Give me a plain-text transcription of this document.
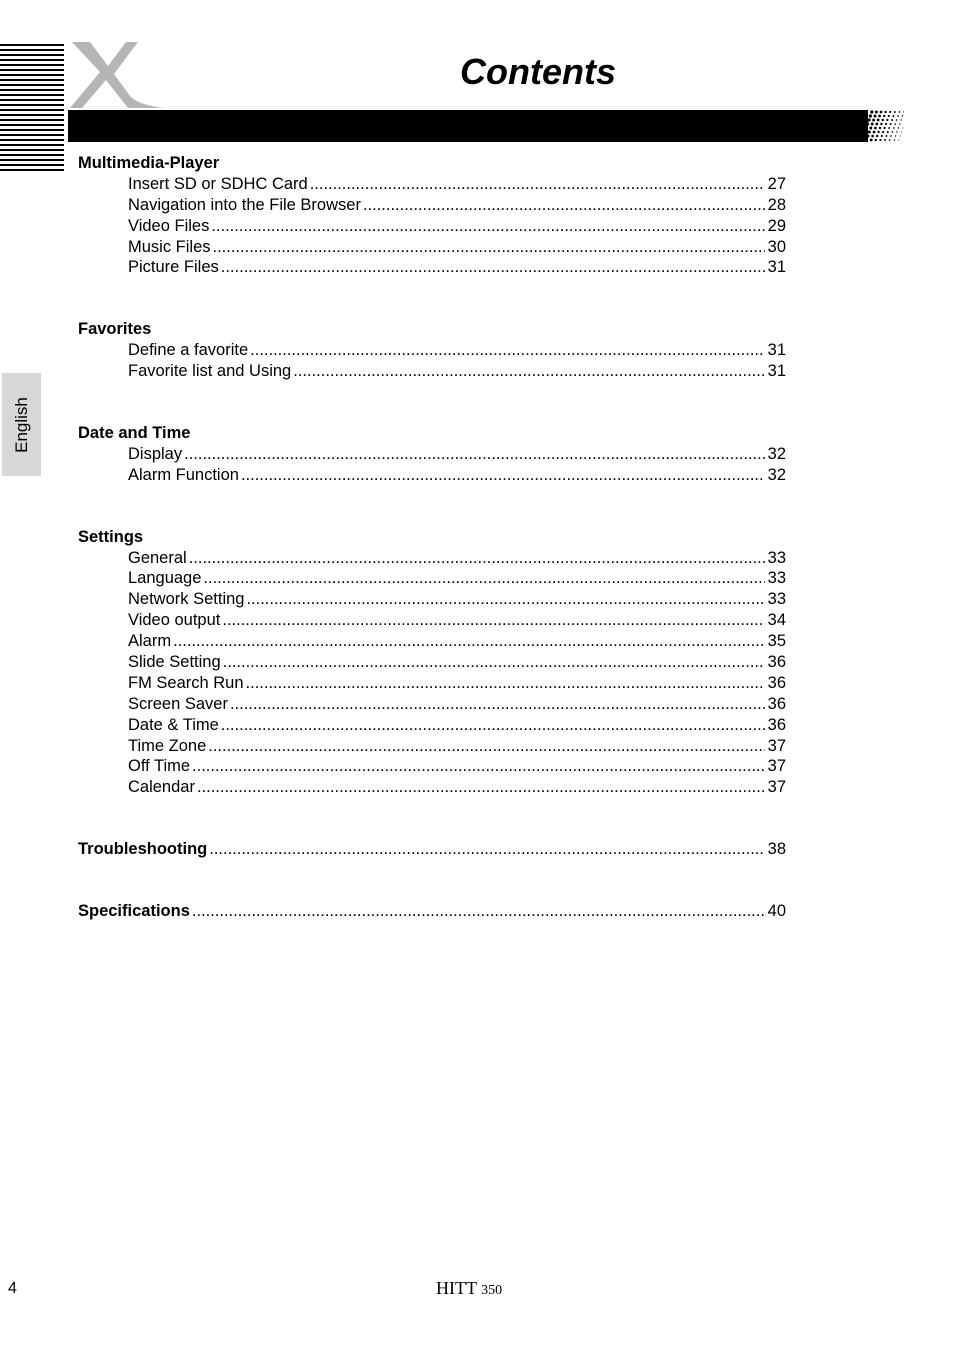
Contents
English
Multimedia-Player
Insert SD or SDHC Card .....	27
Navigation into the File Browser .....	28
Video Files .....	29
Music Files .....	30
Picture Files .....	31
Favorites
Define a favorite .....	31
Favorite list and Using .....	31
Date and Time
Display .....	32
Alarm Function .....	32
Settings
General .....	33
Language .....	33
Network Setting .....	33
Video output .....	34
Alarm .....	35
Slide Setting .....	36
FM Search Run .....	36
Screen Saver .....	36
Date & Time .....	36
Time Zone .....	37
Off Time .....	37
Calendar .....	37
Troubleshooting .....	38
Specifications .....	40
4	HITT 350
